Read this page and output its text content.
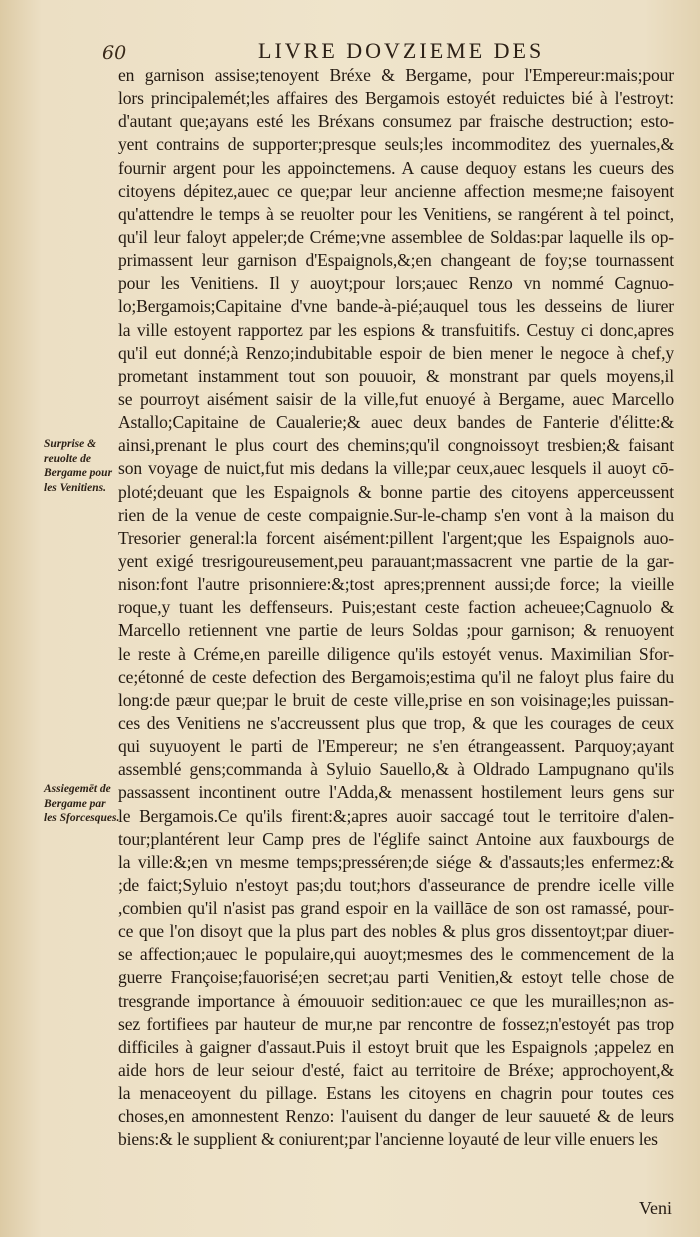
60	LIVRE DOVZIEME DES
en garnison assise;tenoyent Bréxe & Bergame, pour l'Empereur:mais;pour
lors principalemét;les affaires des Bergamois estoyét reduictes bié à l'estroyt:
d'autant que;ayans esté les Bréxans consumez par fraische destruction; esto-
yent contrains de supporter;presque seuls;les incommoditez des yuernales,&
fournir argent pour les appoinctemens. A cause dequoy estans les cueurs des
citoyens dépitez,auec ce que;par leur ancienne affection mesme;ne faisoyent
qu'attendre le temps à se reuolter pour les Venitiens, se rangérent à tel poinct,
qu'il leur faloyt appeler;de Créme;vne assemblee de Soldas:par laquelle ils op-
primassent leur garnison d'Espaignols,&;en changeant de foy;se tournassent
pour les Venitiens. Il y auoyt;pour lors;auec Renzo vn nommé Cagnuo-
lo;Bergamois;Capitaine d'vne bande-à-pié;auquel tous les desseins de liurer
la ville estoyent rapportez par les espions & transfuitifs. Cestuy ci donc,apres
qu'il eut donné;à Renzo;indubitable espoir de bien mener le negoce à chef,y
prometant instamment tout son pouuoir, & monstrant par quels moyens,il
se pourroyt aisément saisir de la ville,fut enuoyé à Bergame, auec Marcello
Astallo;Capitaine de Caualerie;& auec deux bandes de Fanterie d'élitte:&
ainsi,prenant le plus court des chemins;qu'il congnoissoyt tresbien;& faisant
son voyage de nuict,fut mis dedans la ville;par ceux,auec lesquels il auoyt cō-
ploté;deuant que les Espaignols & bonne partie des citoyens apperceussent
rien de la venue de ceste compaignie.Sur-le-champ s'en vont à la maison du
Tresorier general:la forcent aisément:pillent l'argent;que les Espaignols auo-
yent exigé tresrigoureusement,peu parauant;massacrent vne partie de la gar-
nison:font l'autre prisonniere:&;tost apres;prennent aussi;de force; la vieille
roque,y tuant les deffenseurs. Puis;estant ceste faction acheuee;Cagnuolo &
Marcello retiennent vne partie de leurs Soldas ;pour garnison; & renuoyent
le reste à Créme,en pareille diligence qu'ils estoyét venus. Maximilian Sfor-
ce;étonné de ceste defection des Bergamois;estima qu'il ne faloyt plus faire du
long:de pæur que;par le bruit de ceste ville,prise en son voisinage;les puissan-
ces des Venitiens ne s'accreussent plus que trop, & que les courages de ceux
qui suyuoyent le parti de l'Empereur; ne s'en étrangeassent. Parquoy;ayant
assemblé gens;commanda à Syluio Sauello,& à Oldrado Lampugnano qu'ils
passassent incontinent outre l'Adda,& menassent hostilement leurs gens sur
le Bergamois.Ce qu'ils firent:&;apres auoir saccagé tout le territoire d'alen-
tour;plantérent leur Camp pres de l'églife sainct Antoine aux fauxbourgs de
la ville:&;en vn mesme temps;presséren;de siége & d'assauts;les enfermez:&
;de faict;Syluio n'estoyt pas;du tout;hors d'asseurance de prendre icelle ville
,combien qu'il n'asist pas grand espoir en la vaillāce de son ost ramassé, pour-
ce que l'on disoyt que la plus part des nobles & plus gros dissentoyt;par diuer-
se affection;auec le populaire,qui auoyt;mesmes des le commencement de la
guerre Françoise;fauorisé;en secret;au parti Venitien,& estoyt telle chose de
tresgrande importance à émouuoir sedition:auec ce que les murailles;non as-
sez fortifiees par hauteur de mur,ne par rencontre de fossez;n'estoyét pas trop
difficiles à gaigner d'assaut.Puis il estoyt bruit que les Espaignols ;appelez en
aide hors de leur seiour d'esté, faict au territoire de Bréxe; approchoyent,&
la menaceoyent du pillage. Estans les citoyens en chagrin pour toutes ces
choses,en amonnestent Renzo: l'auisent du danger de leur sauueté & de leurs
biens:& le supplient & coniurent;par l'ancienne loyauté de leur ville enuers les
Surprise & reuolte de Bergame pour les Venitiens.
Assiegemēt de Bergame par les Sforcesques.
Veni
